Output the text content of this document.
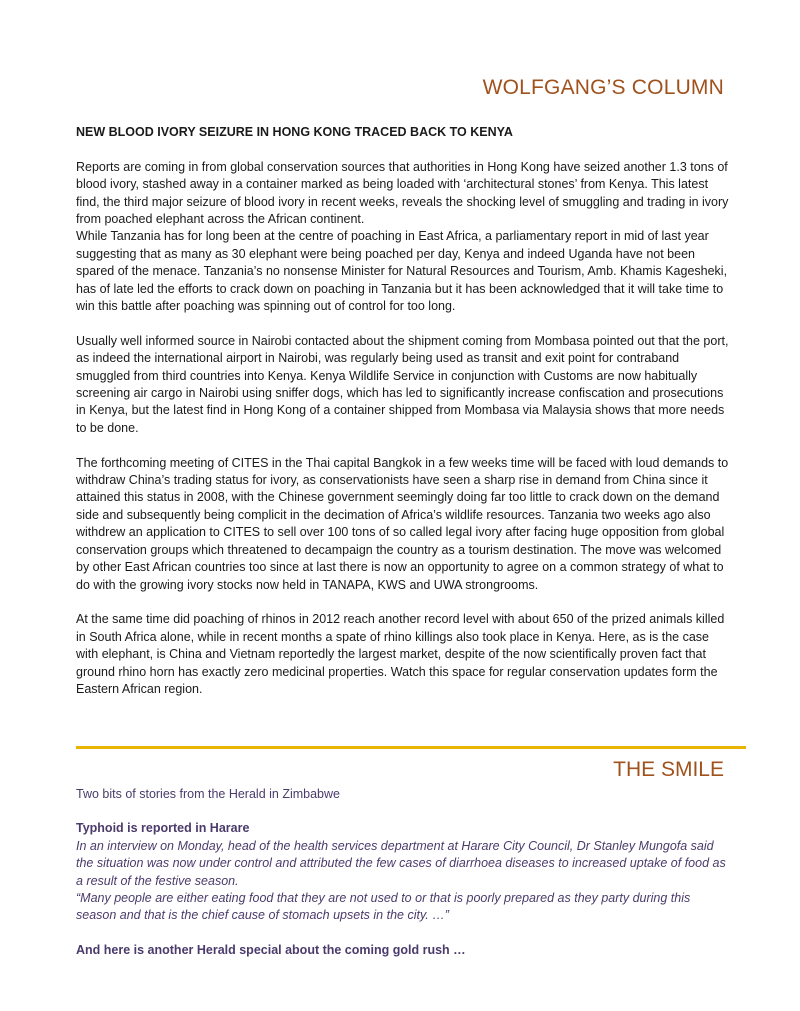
WOLFGANG’S COLUMN

NEW BLOOD IVORY SEIZURE IN HONG KONG TRACED BACK TO KENYA

Reports are coming in from global conservation sources that authorities in Hong Kong have seized another 1.3 tons of blood ivory, stashed away in a container marked as being loaded with ‘architectural stones’ from Kenya. This latest find, the third major seizure of blood ivory in recent weeks, reveals the shocking level of smuggling and trading in ivory from poached elephant across the African continent.

While Tanzania has for long been at the centre of poaching in East Africa, a parliamentary report in mid of last year suggesting that as many as 30 elephant were being poached per day, Kenya and indeed Uganda have not been spared of the menace. Tanzania’s no nonsense Minister for Natural Resources and Tourism, Amb. Khamis Kagesheki, has of late led the efforts to crack down on poaching in Tanzania but it has been acknowledged that it will take time to win this battle after poaching was spinning out of control for too long.

Usually well informed source in Nairobi contacted about the shipment coming from Mombasa pointed out that the port, as indeed the international airport in Nairobi, was regularly being used as transit and exit point for contraband smuggled from third countries into Kenya. Kenya Wildlife Service in conjunction with Customs are now habitually screening air cargo in Nairobi using sniffer dogs, which has led to significantly increase confiscation and prosecutions in Kenya, but the latest find in Hong Kong of a container shipped from Mombasa via Malaysia shows that more needs to be done.

The forthcoming meeting of CITES in the Thai capital Bangkok in a few weeks time will be faced with loud demands to withdraw China’s trading status for ivory, as conservationists have seen a sharp rise in demand from China since it attained this status in 2008, with the Chinese government seemingly doing far too little to crack down on the demand side and subsequently being complicit in the decimation of Africa’s wildlife resources. Tanzania two weeks ago also withdrew an application to CITES to sell over 100 tons of so called legal ivory after facing huge opposition from global conservation groups which threatened to decampaign the country as a tourism destination. The move was welcomed by other East African countries too since at last there is now an opportunity to agree on a common strategy of what to do with the growing ivory stocks now held in TANAPA, KWS and UWA strongrooms.

At the same time did poaching of rhinos in 2012 reach another record level with about 650 of the prized animals killed in South Africa alone, while in recent months a spate of rhino killings also took place in Kenya. Here, as is the case with elephant, is China and Vietnam reportedly the largest market, despite of the now scientifically proven fact that ground rhino horn has exactly zero medicinal properties. Watch this space for regular conservation updates form the Eastern African region.

THE SMILE

Two bits of stories from the Herald in Zimbabwe

Typhoid is reported in Harare

In an interview on Monday, head of the health services department at Harare City Council, Dr Stanley Mungofa said the situation was now under control and attributed the few cases of diarrhoea diseases to increased uptake of food as a result of the festive season.

“Many people are either eating food that they are not used to or that is poorly prepared as they party during this season and that is the chief cause of stomach upsets in the city. …”

And here is another Herald special about the coming gold rush …
